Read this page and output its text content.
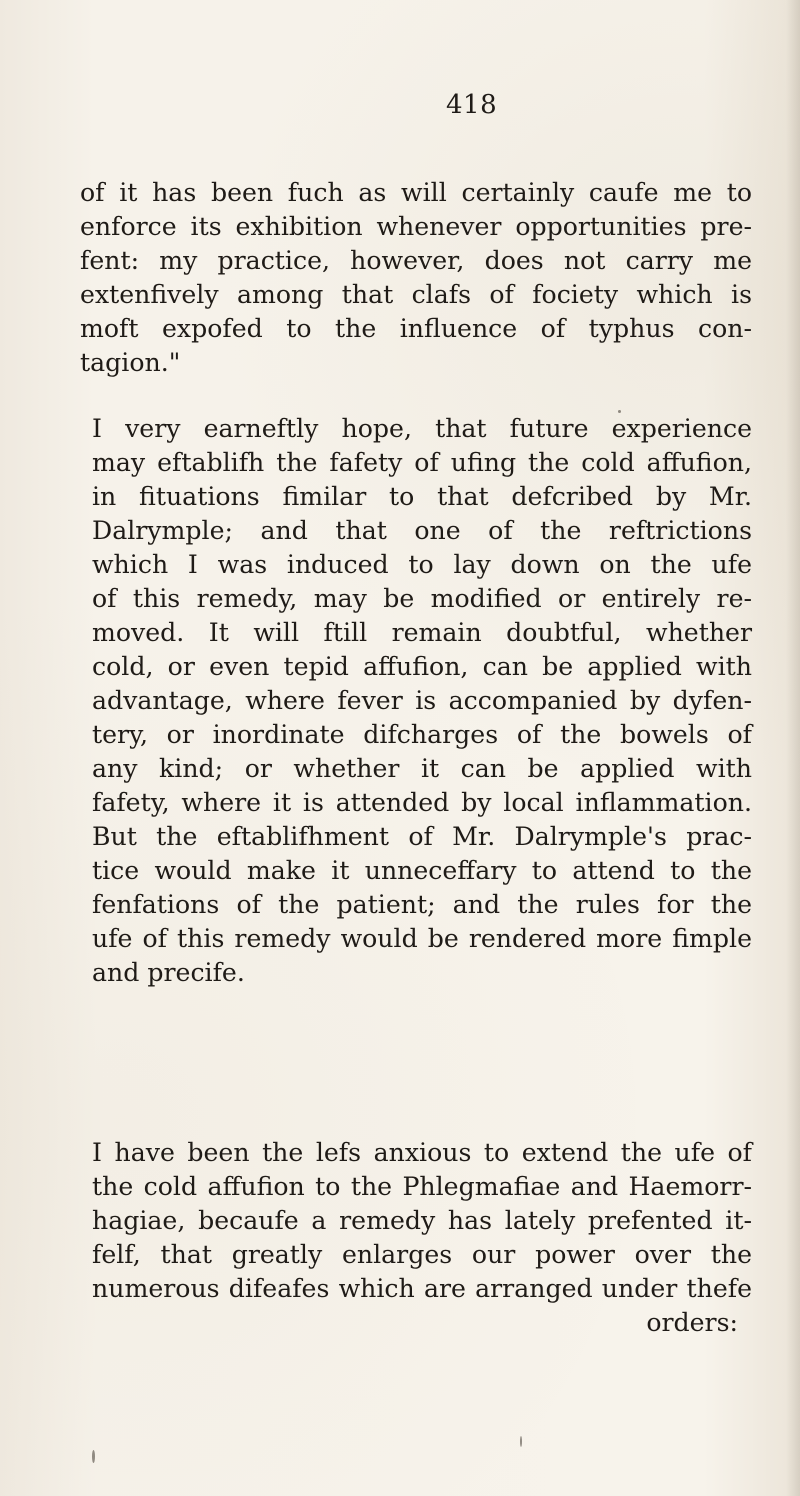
418
of it has been fuch as will certainly caufe me to
enforce its exhibition whenever opportunities pre-
fent: my practice, however, does not carry me
extenfively among that clafs of fociety which is
moft expofed to the influence of typhus con-
tagion."
I very earneftly hope, that future experience
may eftablifh the fafety of ufing the cold affufion,
in fituations fimilar to that defcribed by Mr.
Dalrymple; and that one of the reftrictions
which I was induced to lay down on the ufe
of this remedy, may be modified or entirely re-
moved. It will ftill remain doubtful, whether
cold, or even tepid affufion, can be applied with
advantage, where fever is accompanied by dyfen-
tery, or inordinate difcharges of the bowels of
any kind; or whether it can be applied with
fafety, where it is attended by local inflammation.
But the eftablifhment of Mr. Dalrymple's prac-
tice would make it unneceffary to attend to the
fenfations of the patient; and the rules for the
ufe of this remedy would be rendered more fimple
and precife.
I have been the lefs anxious to extend the ufe of
the cold affufion to the Phlegmafiae and Haemorr-
hagiae, becaufe a remedy has lately prefented it-
felf, that greatly enlarges our power over the
numerous difeafes which are arranged under thefe
orders:
